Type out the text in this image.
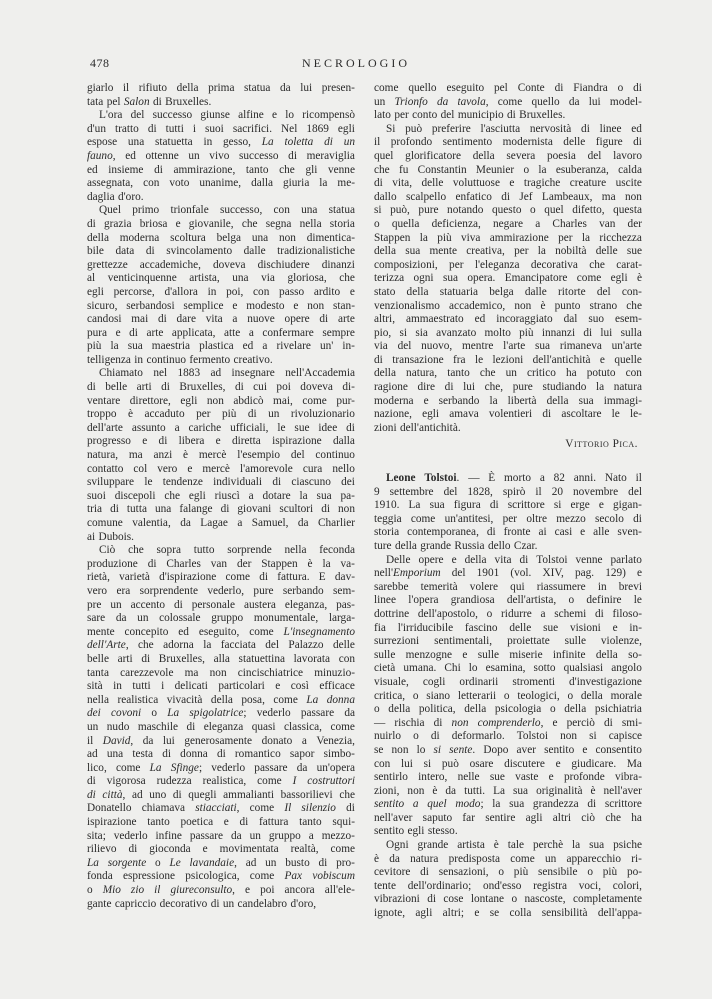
478	NECROLOGIO
giarlo il rifiuto della prima statua da lui presen-
tata pel Salon di Bruxelles.
L'ora del successo giunse alfine e lo ricompensò
d'un tratto di tutti i suoi sacrifici. Nel 1869 egli
espose una statuetta in gesso, La toletta di un
fauno, ed ottenne un vivo successo di meraviglia
ed insieme di ammirazione, tanto che gli venne
assegnata, con voto unanime, dalla giuria la me-
daglia d'oro.
Quel primo trionfale successo, con una statua
di grazia briosa e giovanile, che segna nella storia
della moderna scoltura belga una non dimentica-
bile data di svincolamento dalle tradizionalistiche
grettezze accademiche, doveva dischiudere dinanzi
al venticinquenne artista, una via gloriosa, che
egli percorse, d'allora in poi, con passo ardito e
sicuro, serbandosi semplice e modesto e non stan-
candosi mai di dare vita a nuove opere di arte
pura e di arte applicata, atte a confermare sempre
più la sua maestria plastica ed a rivelare un' in-
telligenza in continuo fermento creativo.
Chiamato nel 1883 ad insegnare nell'Accademia
di belle arti di Bruxelles, di cui poi doveva di-
ventare direttore, egli non abdicò mai, come pur-
troppo è accaduto per più di un rivoluzionario
dell'arte assunto a cariche ufficiali, le sue idee di
progresso e di libera e diretta ispirazione dalla
natura, ma anzi è mercè l'esempio del continuo
contatto col vero e mercè l'amorevole cura nello
sviluppare le tendenze individuali di ciascuno dei
suoi discepoli che egli riuscì a dotare la sua pa-
tria di tutta una falange di giovani scultori di non
comune valentia, da Lagae a Samuel, da Charlier
ai Dubois.
Ciò che sopra tutto sorprende nella feconda
produzione di Charles van der Stappen è la va-
rietà, varietà d'ispirazione come di fattura. E dav-
vero era sorprendente vederlo, pure serbando sem-
pre un accento di personale austera eleganza, pas-
sare da un colossale gruppo monumentale, larga-
mente concepito ed eseguito, come L'insegnamento
dell'Arte, che adorna la facciata del Palazzo delle
belle arti di Bruxelles, alla statuettina lavorata con
tanta carezzevole ma non cincischiatrice minuzio-
sità in tutti i delicati particolari e così efficace
nella realistica vivacità della posa, come La donna
dei covoni o La spigolatrice; vederlo passare da
un nudo maschile di eleganza quasi classica, come
il David, da lui generosamente donato a Venezia,
ad una testa di donna di romantico sapor simbo-
lico, come La Sfinge; vederlo passare da un'opera
di vigorosa rudezza realistica, come I costruttori
di città, ad uno di quegli ammalianti bassorilievi che
Donatello chiamava stiacciati, come Il silenzio di
ispirazione tanto poetica e di fattura tanto squi-
sita; vederlo infine passare da un gruppo a mezzo-
rilievo di gioconda e movimentata realtà, come
La sorgente o Le lavandaie, ad un busto di pro-
fonda espressione psicologica, come Pax vobiscum
o Mio zio il giureconsulto, e poi ancora all'ele-
gante capriccio decorativo di un candelabro d'oro,
come quello eseguito pel Conte di Fiandra o di
un Trionfo da tavola, come quello da lui model-
lato per conto del municipio di Bruxelles.
Si può preferire l'asciutta nervosità di linee ed
il profondo sentimento modernista delle figure di
quel glorificatore della severa poesia del lavoro
che fu Constantin Meunier o la esuberanza, calda
di vita, delle voluttuose e tragiche creature uscite
dallo scalpello enfatico di Jef Lambeaux, ma non
si può, pure notando questo o quel difetto, questa
o quella deficienza, negare a Charles van der
Stappen la più viva ammirazione per la ricchezza
della sua mente creativa, per la nobiltà delle sue
composizioni, per l'eleganza decorativa che carat-
terizza ogni sua opera. Emancipatore come egli è
stato della statuaria belga dalle ritorte del con-
venzionalismo accademico, non è punto strano che
altri, ammaestrato ed incoraggiato dal suo esem-
pio, si sia avanzato molto più innanzi di lui sulla
via del nuovo, mentre l'arte sua rimaneva un'arte
di transazione fra le lezioni dell'antichità e quelle
della natura, tanto che un critico ha potuto con
ragione dire di lui che, pure studiando la natura
moderna e serbando la libertà della sua immagi-
nazione, egli amava volentieri di ascoltare le le-
zioni dell'antichità.
Vittorio Pica.
Leone Tolstoi. — È morto a 82 anni. Nato il
9 settembre del 1828, spirò il 20 novembre del
1910. La sua figura di scrittore si erge e gigan-
teggia come un'antitesi, per oltre mezzo secolo di
storia contemporanea, di fronte ai casi e alle sven-
ture della grande Russia dello Czar.
Delle opere e della vita di Tolstoi venne parlato
nell'Emporium del 1901 (vol. XIV, pag. 129) e
sarebbe temerità volere qui riassumere in brevi
linee l'opera grandiosa dell'artista, o definire le
dottrine dell'apostolo, o ridurre a schemi di filoso-
fia l'irriducibile fascino delle sue visioni e in-
surrezioni sentimentali, proiettate sulle violenze,
sulle menzogne e sulle miserie infinite della so-
cietà umana. Chi lo esamina, sotto qualsiasi angolo
visuale, cogli ordinarii stromenti d'investigazione
critica, o siano letterarii o teologici, o della morale
o della politica, della psicologia o della psichiatria
— rischia di non comprenderlo, e perciò di smi-
nuirlo o di deformarlo. Tolstoi non si capisce
se non lo si sente. Dopo aver sentito e consentito
con lui si può osare discutere e giudicare. Ma
sentirlo intero, nelle sue vaste e profonde vibra-
zioni, non è da tutti. La sua originalità è nell'aver
sentito a quel modo; la sua grandezza di scrittore
nell'aver saputo far sentire agli altri ciò che ha
sentito egli stesso.
Ogni grande artista è tale perchè la sua psiche
è da natura predisposta come un apparecchio ri-
cevitore di sensazioni, o più sensibile o più po-
tente dell'ordinario; ond'esso registra voci, colori,
vibrazioni di cose lontane o nascoste, completamente
ignote, agli altri; e se colla sensibilità dell'appa-
